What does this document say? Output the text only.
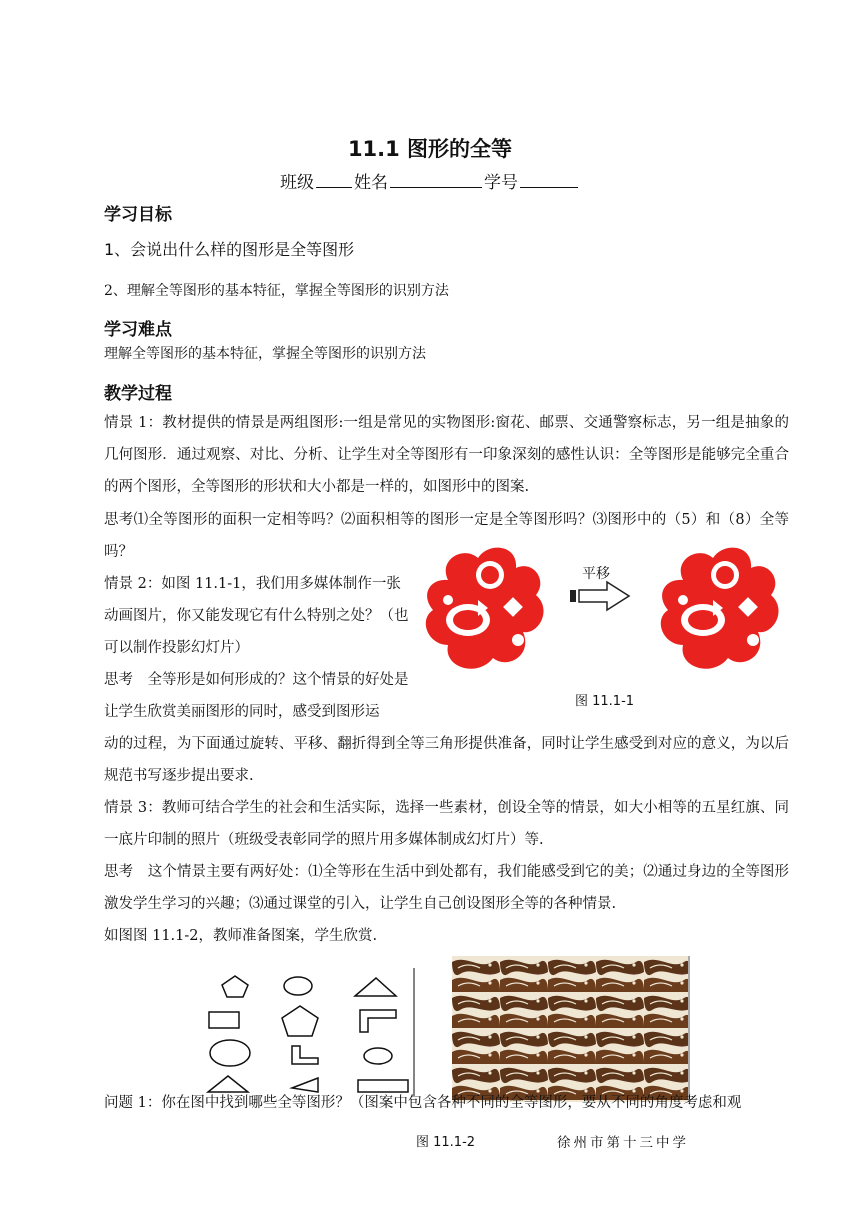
11.1 图形的全等
班级 姓名	学号
学习目标
1、会说出什么样的图形是全等图形
2、理解全等图形的基本特征，掌握全等图形的识别方法
学习难点
理解全等图形的基本特征，掌握全等图形的识别方法
教学过程
情景 1：教材提供的情景是两组图形:一组是常见的实物图形:窗花、邮票、交通警察标志，另一组是抽象的几何图形．通过观察、对比、分析、让学生对全等图形有一印象深刻的感性认识：全等图形是能够完全重合的两个图形，全等图形的形状和大小都是一样的，如图形中的图案.
思考⑴全等图形的面积一定相等吗？⑵面积相等的图形一定是全等图形吗？⑶图形中的（5）和（8）全等吗？
情景 2：如图 11.1-1，我们用多媒体制作一张动画图片，你又能发现它有什么特别之处？（也可以制作投影幻灯片）
思考　全等形是如何形成的？这个情景的好处是让学生欣赏美丽图形的同时，感受到图形运
动的过程，为下面通过旋转、平移、翻折得到全等三角形提供准备，同时让学生感受到对应的意义，为以后规范书写逐步提出要求.
情景 3：教师可结合学生的社会和生活实际，选择一些素材，创设全等的情景，如大小相等的五星红旗、同一底片印制的照片（班级受表彰同学的照片用多媒体制成幻灯片）等.
思考　这个情景主要有两好处：⑴全等形在生活中到处都有，我们能感受到它的美；⑵通过身边的全等图形激发学生学习的兴趣；⑶通过课堂的引入，让学生自己创设图形全等的各种情景.
如图图 11.1-2，教师准备图案，学生欣赏.
平移
图 11.1-1
问题 1：你在图中找到哪些全等图形？（图案中包含各种不同的全等图形，要从不同的角度考虑和观
图 11.1-2	徐州市第十三中学
